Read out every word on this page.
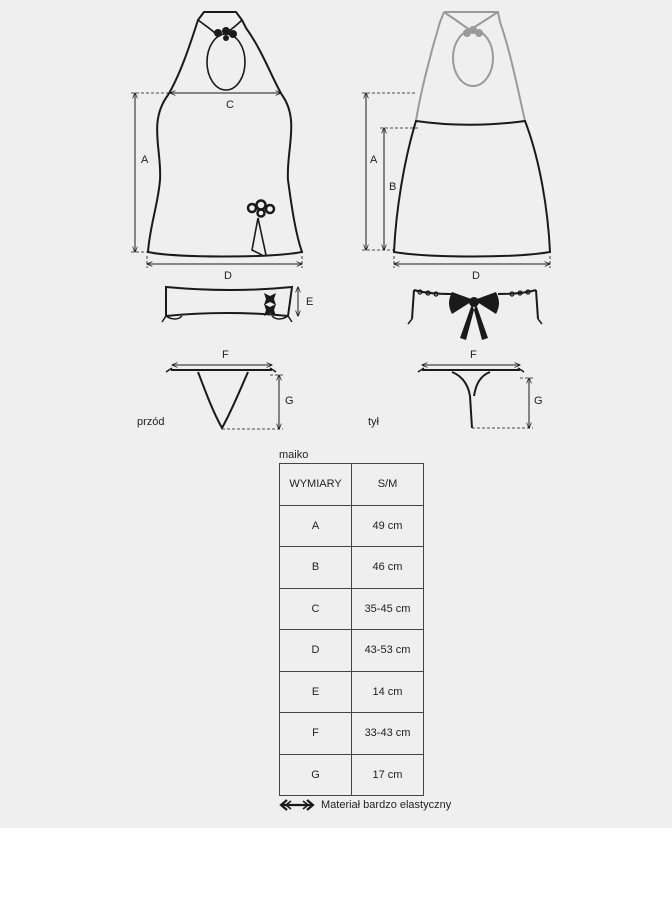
A
C
D
A
B
D
E
F
G
F
G
przód	tył
maiko
WYMIARY	S/M
A	49 cm
B	46 cm
C	35-45 cm
D	43-53 cm
E	14 cm
F	33-43 cm
G	17 cm
Materiał bardzo elastyczny
